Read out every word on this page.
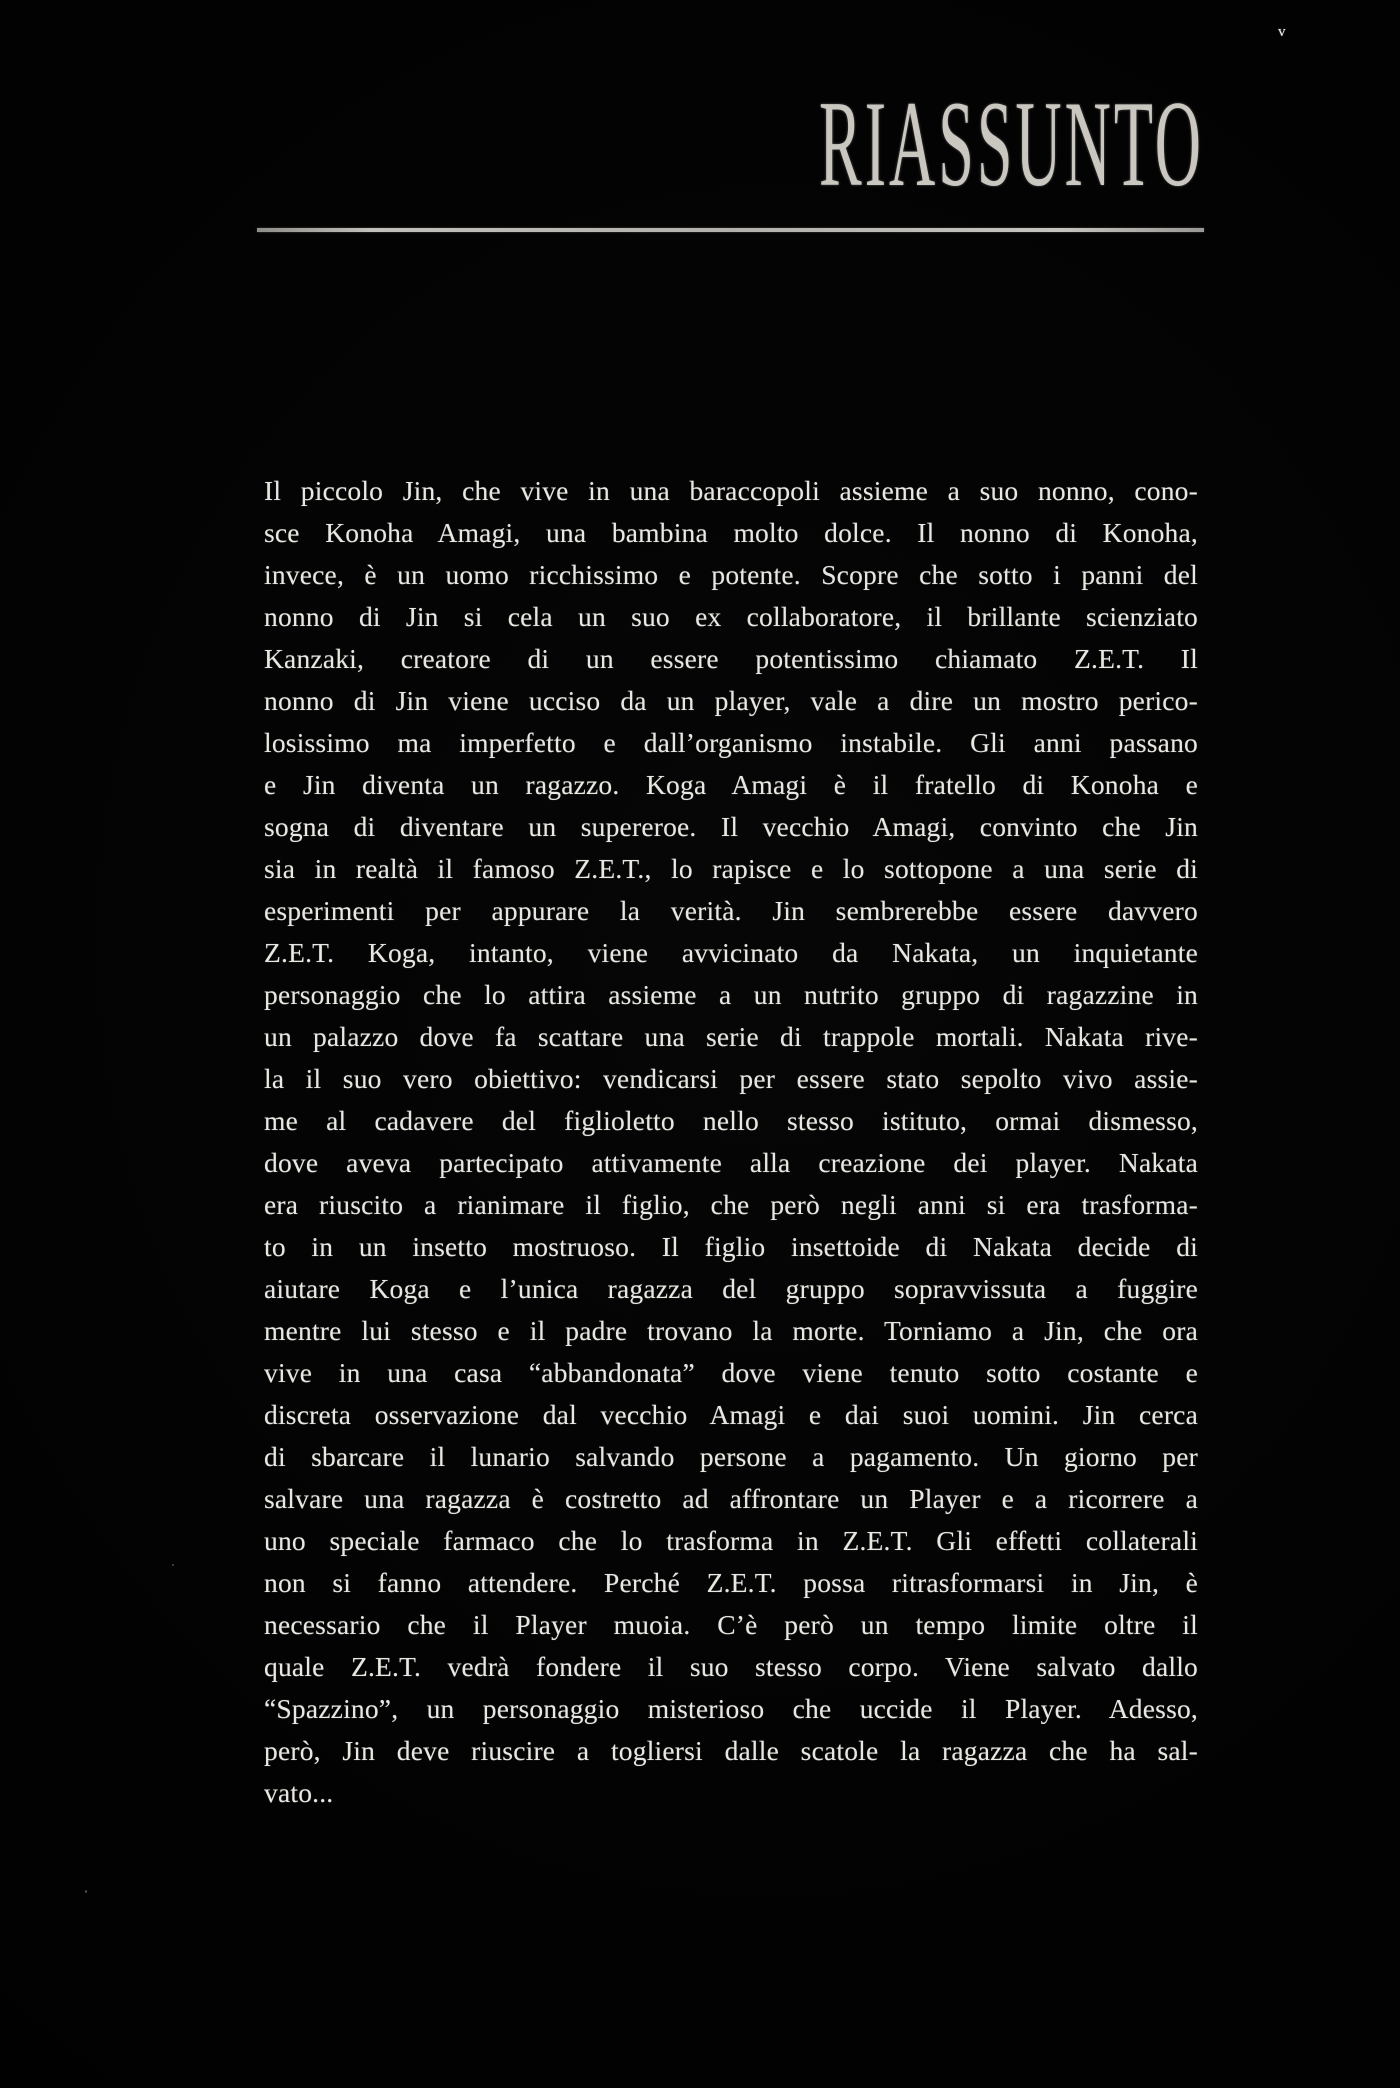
v
RIASSUNTO
Il piccolo Jin, che vive in una baraccopoli assieme a suo nonno, cono-
sce Konoha Amagi, una bambina molto dolce. Il nonno di Konoha,
invece, è un uomo ricchissimo e potente. Scopre che sotto i panni del
nonno di Jin si cela un suo ex collaboratore, il brillante scienziato
Kanzaki, creatore di un essere potentissimo chiamato Z.E.T. Il
nonno di Jin viene ucciso da un player, vale a dire un mostro perico-
losissimo ma imperfetto e dall’organismo instabile. Gli anni passano
e Jin diventa un ragazzo. Koga Amagi è il fratello di Konoha e
sogna di diventare un supereroe. Il vecchio Amagi, convinto che Jin
sia in realtà il famoso Z.E.T., lo rapisce e lo sottopone a una serie di
esperimenti per appurare la verità. Jin sembrerebbe essere davvero
Z.E.T. Koga, intanto, viene avvicinato da Nakata, un inquietante
personaggio che lo attira assieme a un nutrito gruppo di ragazzine in
un palazzo dove fa scattare una serie di trappole mortali. Nakata rive-
la il suo vero obiettivo: vendicarsi per essere stato sepolto vivo assie-
me al cadavere del figlioletto nello stesso istituto, ormai dismesso,
dove aveva partecipato attivamente alla creazione dei player. Nakata
era riuscito a rianimare il figlio, che però negli anni si era trasforma-
to in un insetto mostruoso. Il figlio insettoide di Nakata decide di
aiutare Koga e l’unica ragazza del gruppo sopravvissuta a fuggire
mentre lui stesso e il padre trovano la morte. Torniamo a Jin, che ora
vive in una casa “abbandonata” dove viene tenuto sotto costante e
discreta osservazione dal vecchio Amagi e dai suoi uomini. Jin cerca
di sbarcare il lunario salvando persone a pagamento. Un giorno per
salvare una ragazza è costretto ad affrontare un Player e a ricorrere a
uno speciale farmaco che lo trasforma in Z.E.T. Gli effetti collaterali
non si fanno attendere. Perché Z.E.T. possa ritrasformarsi in Jin, è
necessario che il Player muoia. C’è però un tempo limite oltre il
quale Z.E.T. vedrà fondere il suo stesso corpo. Viene salvato dallo
“Spazzino”, un personaggio misterioso che uccide il Player. Adesso,
però, Jin deve riuscire a togliersi dalle scatole la ragazza che ha sal-
vato...
